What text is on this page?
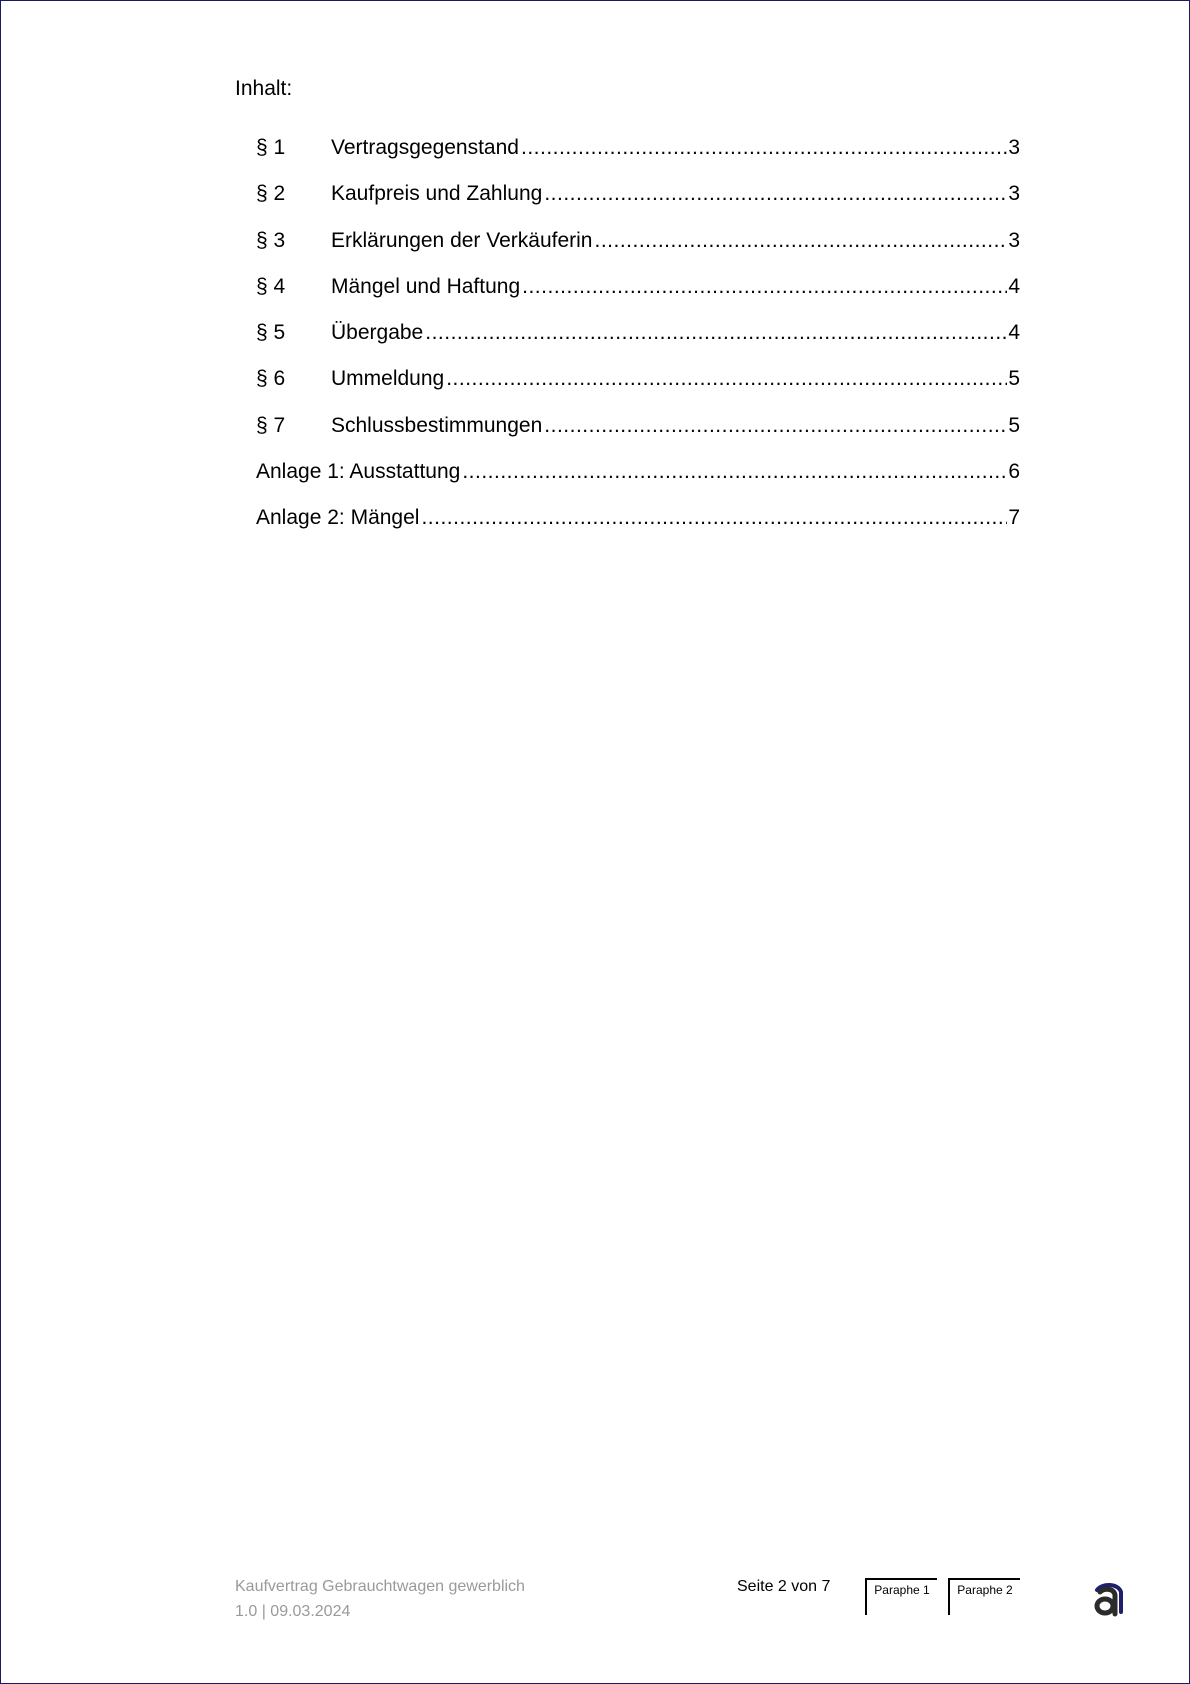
Inhalt:
§ 1	Vertragsgegenstand .....	3
§ 2	Kaufpreis und Zahlung .....	3
§ 3	Erklärungen der Verkäuferin .....	3
§ 4	Mängel und Haftung .....	4
§ 5	Übergabe .....	4
§ 6	Ummeldung .....	5
§ 7	Schlussbestimmungen .....	5
Anlage 1: Ausstattung .....	6
Anlage 2: Mängel .....	7
Kaufvertrag Gebrauchtwagen gewerblich
1.0 | 09.03.2024
Seite 2 von 7	Paraphe 1	Paraphe 2
